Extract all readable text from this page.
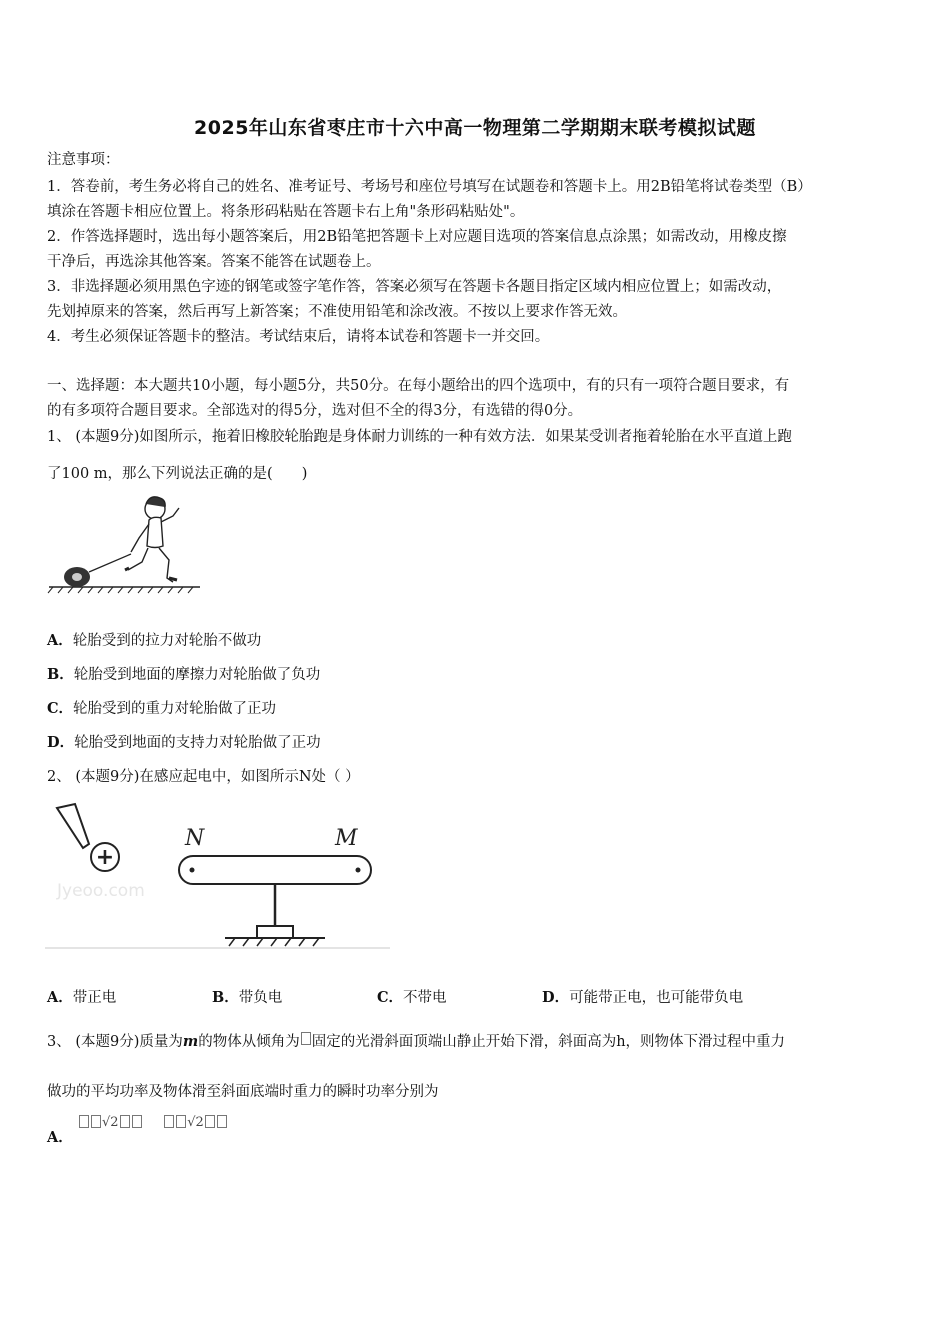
2025年山东省枣庄市十六中高一物理第二学期期末联考模拟试题
注意事项：
1．答卷前，考生务必将自己的姓名、准考证号、考场号和座位号填写在试题卷和答题卡上。用2B铅笔将试卷类型（B）
填涂在答题卡相应位置上。将条形码粘贴在答题卡右上角"条形码粘贴处"。
2．作答选择题时，选出每小题答案后，用2B铅笔把答题卡上对应题目选项的答案信息点涂黑；如需改动，用橡皮擦
干净后，再选涂其他答案。答案不能答在试题卷上。
3．非选择题必须用黑色字迹的钢笔或签字笔作答，答案必须写在答题卡各题目指定区域内相应位置上；如需改动，
先划掉原来的答案，然后再写上新答案；不准使用铅笔和涂改液。不按以上要求作答无效。
4．考生必须保证答题卡的整洁。考试结束后，请将本试卷和答题卡一并交回。
一、选择题：本大题共10小题，每小题5分，共50分。在每小题给出的四个选项中，有的只有一项符合题目要求，有
的有多项符合题目要求。全部选对的得5分，选对但不全的得3分，有选错的得0分。
1、 (本题9分)如图所示，拖着旧橡胶轮胎跑是身体耐力训练的一种有效方法．如果某受训者拖着轮胎在水平直道上跑
了100 m，那么下列说法正确的是(　　)
A．轮胎受到的拉力对轮胎不做功
B．轮胎受到地面的摩擦力对轮胎做了负功
C．轮胎受到的重力对轮胎做了正功
D．轮胎受到地面的支持力对轮胎做了正功
2、 (本题9分)在感应起电中，如图所示N处（ ）
Jyeoo.com
+
N	M
A．带正电	B．带负电	C．不带电	D．可能带正电，也可能带负电
3、 (本题9分)质量为m的物体从倾角为 固定的光滑斜面顶端山静止开始下滑，斜面高为h，则物体下滑过程中重力
做功的平均功率及物体滑至斜面底端时重力的瞬时功率分别为
A．
√2	√2
